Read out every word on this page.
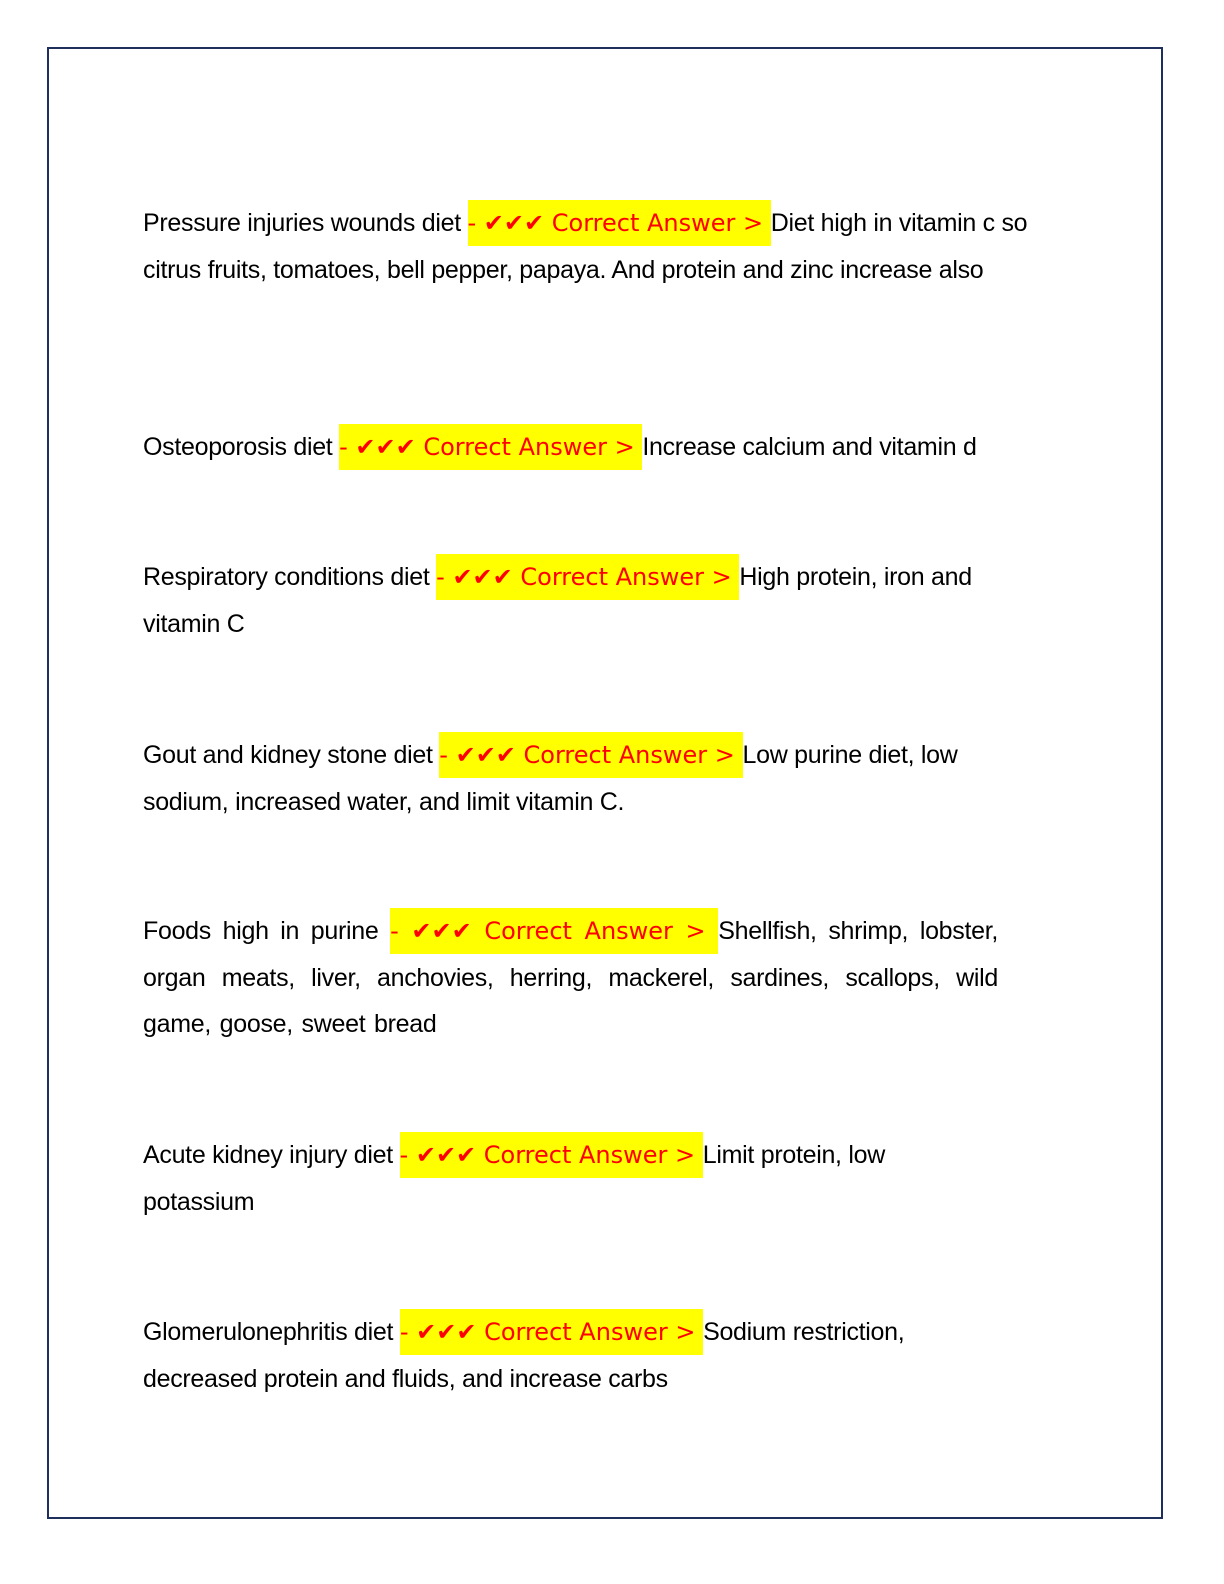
Pressure injuries wounds diet - ✔✔✔ Correct Answer > Diet high in vitamin c so citrus fruits, tomatoes, bell pepper, papaya. And protein and zinc increase also

Osteoporosis diet - ✔✔✔ Correct Answer > Increase calcium and vitamin d

Respiratory conditions diet - ✔✔✔ Correct Answer > High protein, iron and vitamin C

Gout and kidney stone diet - ✔✔✔ Correct Answer > Low purine diet, low sodium, increased water, and limit vitamin C.

Foods high in purine - ✔✔✔ Correct Answer > Shellfish, shrimp, lobster, organ meats, liver, anchovies, herring, mackerel, sardines, scallops, wild game, goose, sweet bread

Acute kidney injury diet - ✔✔✔ Correct Answer > Limit protein, low potassium

Glomerulonephritis diet - ✔✔✔ Correct Answer > Sodium restriction, decreased protein and fluids, and increase carbs
